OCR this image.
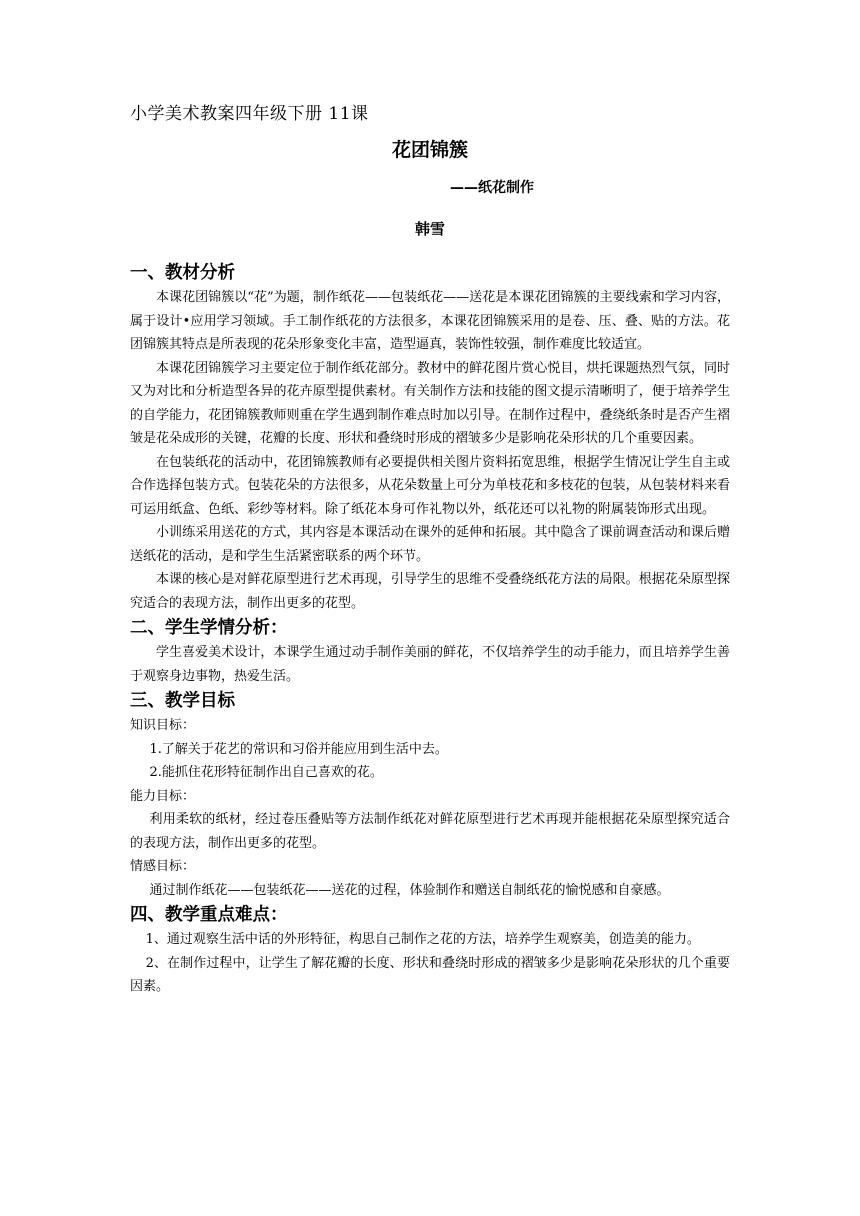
小学美术教案四年级下册 11课

花团锦簇

——纸花制作

韩雪

一、教材分析

本课花团锦簇以“花”为题，制作纸花——包装纸花——送花是本课花团锦簇的主要线索和学习内容，属于设计•应用学习领域。手工制作纸花的方法很多，本课花团锦簇采用的是卷、压、叠、贴的方法。花团锦簇其特点是所表现的花朵形象变化丰富，造型逼真，装饰性较强，制作难度比较适宜。

本课花团锦簇学习主要定位于制作纸花部分。教材中的鲜花图片赏心悦目，烘托课题热烈气氛，同时又为对比和分析造型各异的花卉原型提供素材。有关制作方法和技能的图文提示清晰明了，便于培养学生的自学能力，花团锦簇教师则重在学生遇到制作难点时加以引导。在制作过程中，叠绕纸条时是否产生褶皱是花朵成形的关键，花瓣的长度、形状和叠绕时形成的褶皱多少是影响花朵形状的几个重要因素。

在包装纸花的活动中，花团锦簇教师有必要提供相关图片资料拓宽思维，根据学生情况让学生自主或合作选择包装方式。包装花朵的方法很多，从花朵数量上可分为单枝花和多枝花的包装，从包装材料来看可运用纸盒、色纸、彩纱等材料。除了纸花本身可作礼物以外，纸花还可以礼物的附属装饰形式出现。

小训练采用送花的方式，其内容是本课活动在课外的延伸和拓展。其中隐含了课前调查活动和课后赠送纸花的活动，是和学生生活紧密联系的两个环节。

本课的核心是对鲜花原型进行艺术再现，引导学生的思维不受叠绕纸花方法的局限。根据花朵原型探究适合的表现方法，制作出更多的花型。

二、学生学情分析：

学生喜爱美术设计，本课学生通过动手制作美丽的鲜花，不仅培养学生的动手能力，而且培养学生善于观察身边事物，热爱生活。

三、教学目标

知识目标：

1.了解关于花艺的常识和习俗并能应用到生活中去。

2.能抓住花形特征制作出自己喜欢的花。

能力目标：

利用柔软的纸材，经过卷压叠贴等方法制作纸花对鲜花原型进行艺术再现并能根据花朵原型探究适合的表现方法，制作出更多的花型。

情感目标：

通过制作纸花——包装纸花——送花的过程，体验制作和赠送自制纸花的愉悦感和自豪感。

四、教学重点难点：

1、通过观察生活中话的外形特征，构思自己制作之花的方法，培养学生观察美，创造美的能力。

2、在制作过程中，让学生了解花瓣的长度、形状和叠绕时形成的褶皱多少是影响花朵形状的几个重要因素。
